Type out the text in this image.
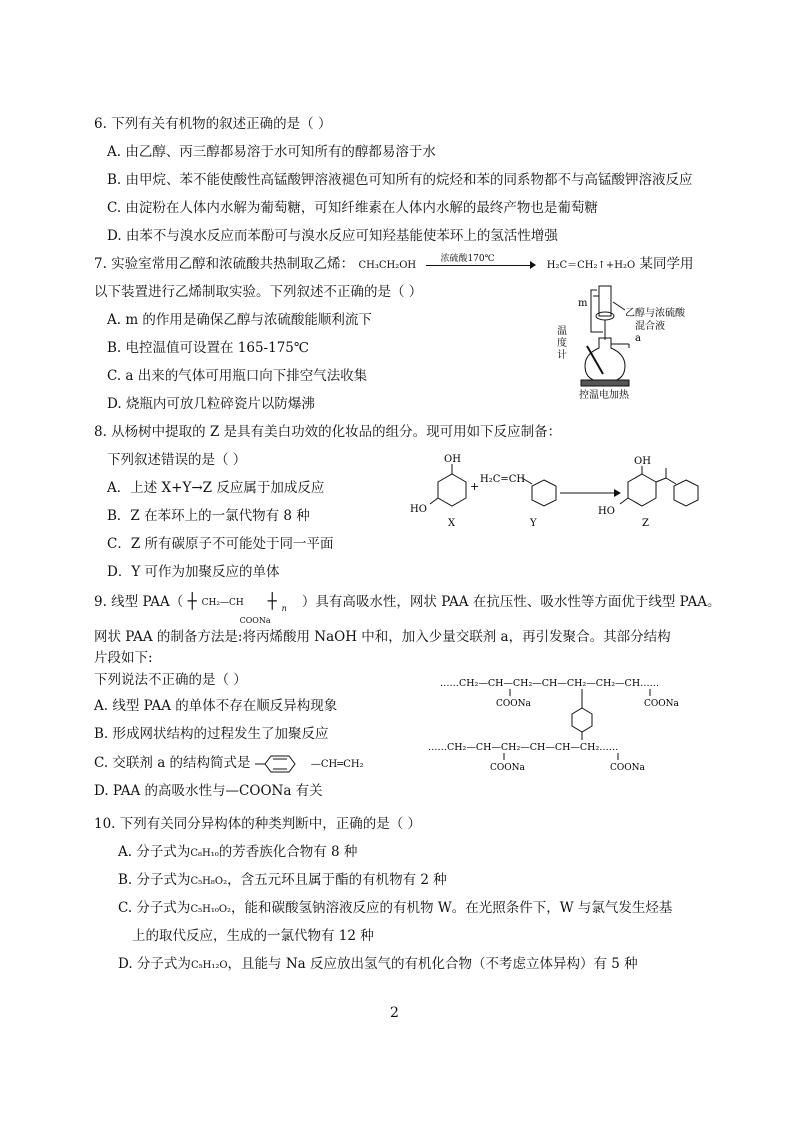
6. 下列有关有机物的叙述正确的是（ ）
A. 由乙醇、丙三醇都易溶于水可知所有的醇都易溶于水
B. 由甲烷、苯不能使酸性高锰酸钾溶液褪色可知所有的烷烃和苯的同系物都不与高锰酸钾溶液反应
C. 由淀粉在人体内水解为葡萄糖，可知纤维素在人体内水解的最终产物也是葡萄糖
D. 由苯不与溴水反应而苯酚可与溴水反应可知羟基能使苯环上的氢活性增强
7. 实验室常用乙醇和浓硫酸共热制取乙烯： CH₃CH₂OH
浓硫酸170℃
H₂C＝CH₂↑+H₂O 某同学用
以下装置进行乙烯制取实验。下列叙述不正确的是（ ）
A. m 的作用是确保乙醇与浓硫酸能顺利流下
B. 电控温值可设置在 165-175℃
C. a 出来的气体可用瓶口向下排空气法收集
D. 烧瓶内可放几粒碎瓷片以防爆沸
m
a
温
度
计
控温电加热
乙醇与浓硫酸
混合液
8. 从杨树中提取的 Z 是具有美白功效的化妆品的组分。现可用如下反应制备：
下列叙述错误的是（ ）
A．上述 X+Y→Z 反应属于加成反应
B．Z 在苯环上的一氯代物有 8 种
C．Z 所有碳原子不可能处于同一平面
D．Y 可作为加聚反应的单体
OH
HO
X
+
H₂C=CH
Y
OH
HO
Z
9. 线型 PAA（ ┼ CH₂—CH ┼ n
COONa
）具有高吸水性，网状 PAA 在抗压性、吸水性等方面优于线型 PAA。
网状 PAA 的制备方法是:将丙烯酸用 NaOH 中和，加入少量交联剂 a，再引发聚合。其部分结构
片段如下:
下列说法不正确的是（ ）
A. 线型 PAA 的单体不存在顺反异构现象
B. 形成网状结构的过程发生了加聚反应
C. 交联剂 a 的结构简式是	—CH═CH₂
D. PAA 的高吸水性与—COONa 有关
……CH₂—CH—CH₂—CH—CH₂—CH₂—CH……
COONa	COONa
……CH₂—CH—CH₂—CH—CH—CH₂……
COONa	COONa
10. 下列有关同分异构体的种类判断中，正确的是（ ）
A. 分子式为C₈H₁₀的芳香族化合物有 8 种
B. 分子式为C₅H₈O₂，含五元环且属于酯的有机物有 2 种
C. 分子式为C₅H₁₀O₂，能和碳酸氢钠溶液反应的有机物 W。在光照条件下，W 与氯气发生烃基
上的取代反应，生成的一氯代物有 12 种
D. 分子式为C₅H₁₂O，且能与 Na 反应放出氢气的有机化合物（不考虑立体异构）有 5 种
2
